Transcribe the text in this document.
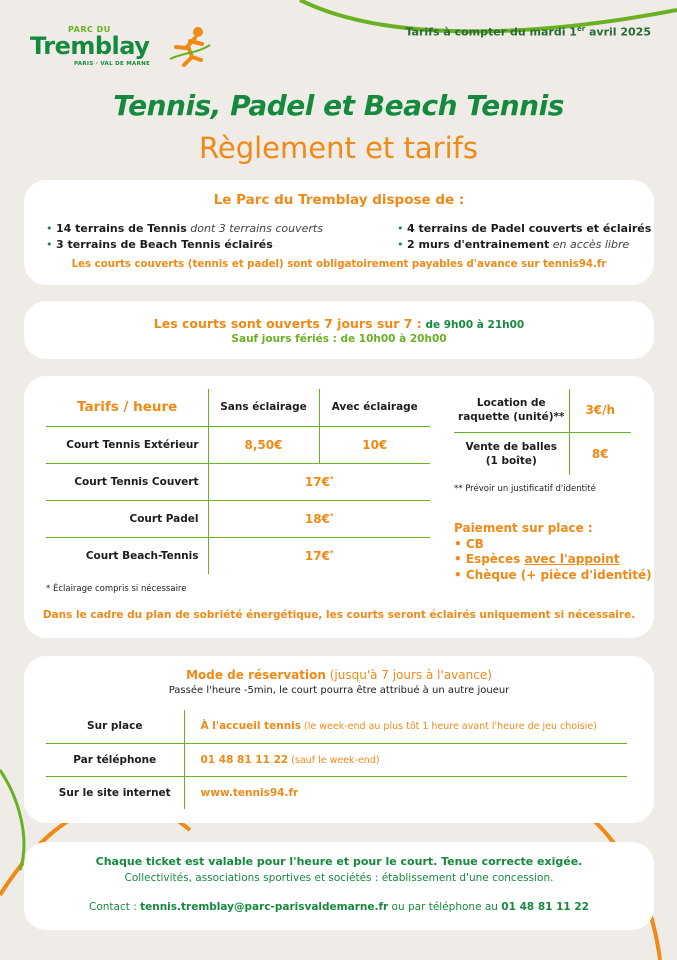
PARC DU
Tremblay
PARIS · VAL DE MARNE
Tarifs à compter du mardi 1er avril 2025
Tennis, Padel et Beach Tennis
Règlement et tarifs
Le Parc du Tremblay dispose de :
• 14 terrains de Tennis dont 3 terrains couverts
• 3 terrains de Beach Tennis éclairés
• 4 terrains de Padel couverts et éclairés
• 2 murs d'entrainement en accès libre
Les courts couverts (tennis et padel) sont obligatoirement payables d'avance sur tennis94.fr
Les courts sont ouverts 7 jours sur 7 : de 9h00 à 21h00
Sauf jours fériés : de 10h00 à 20h00
Tarifs / heure	Sans éclairage	Avec éclairage
Court Tennis Extérieur	8,50€	10€
Court Tennis Couvert	17€*
Court Padel	18€*
Court Beach-Tennis	17€*
* Éclairage compris si nécessaire
Location de
raquette (unité)**	3€/h
Vente de balles
(1 boîte)	8€
** Prévoir un justificatif d'identité
Paiement sur place :
• CB
• Espèces avec l'appoint
• Chèque (+ pièce d'identité)
Dans le cadre du plan de sobriété énergétique, les courts seront éclairés uniquement si nécessaire.
Mode de réservation (jusqu'à 7 jours à l'avance)
Passée l'heure -5min, le court pourra être attribué à un autre joueur
Sur place	À l'accueil tennis (le week-end au plus tôt 1 heure avant l'heure de jeu choisie)
Par téléphone	01 48 81 11 22 (sauf le week-end)
Sur le site internet	www.tennis94.fr
Chaque ticket est valable pour l'heure et pour le court. Tenue correcte exigée.
Collectivités, associations sportives et sociétés : établissement d'une concession.
Contact : tennis.tremblay@parc-parisvaldemarne.fr ou par téléphone au 01 48 81 11 22
